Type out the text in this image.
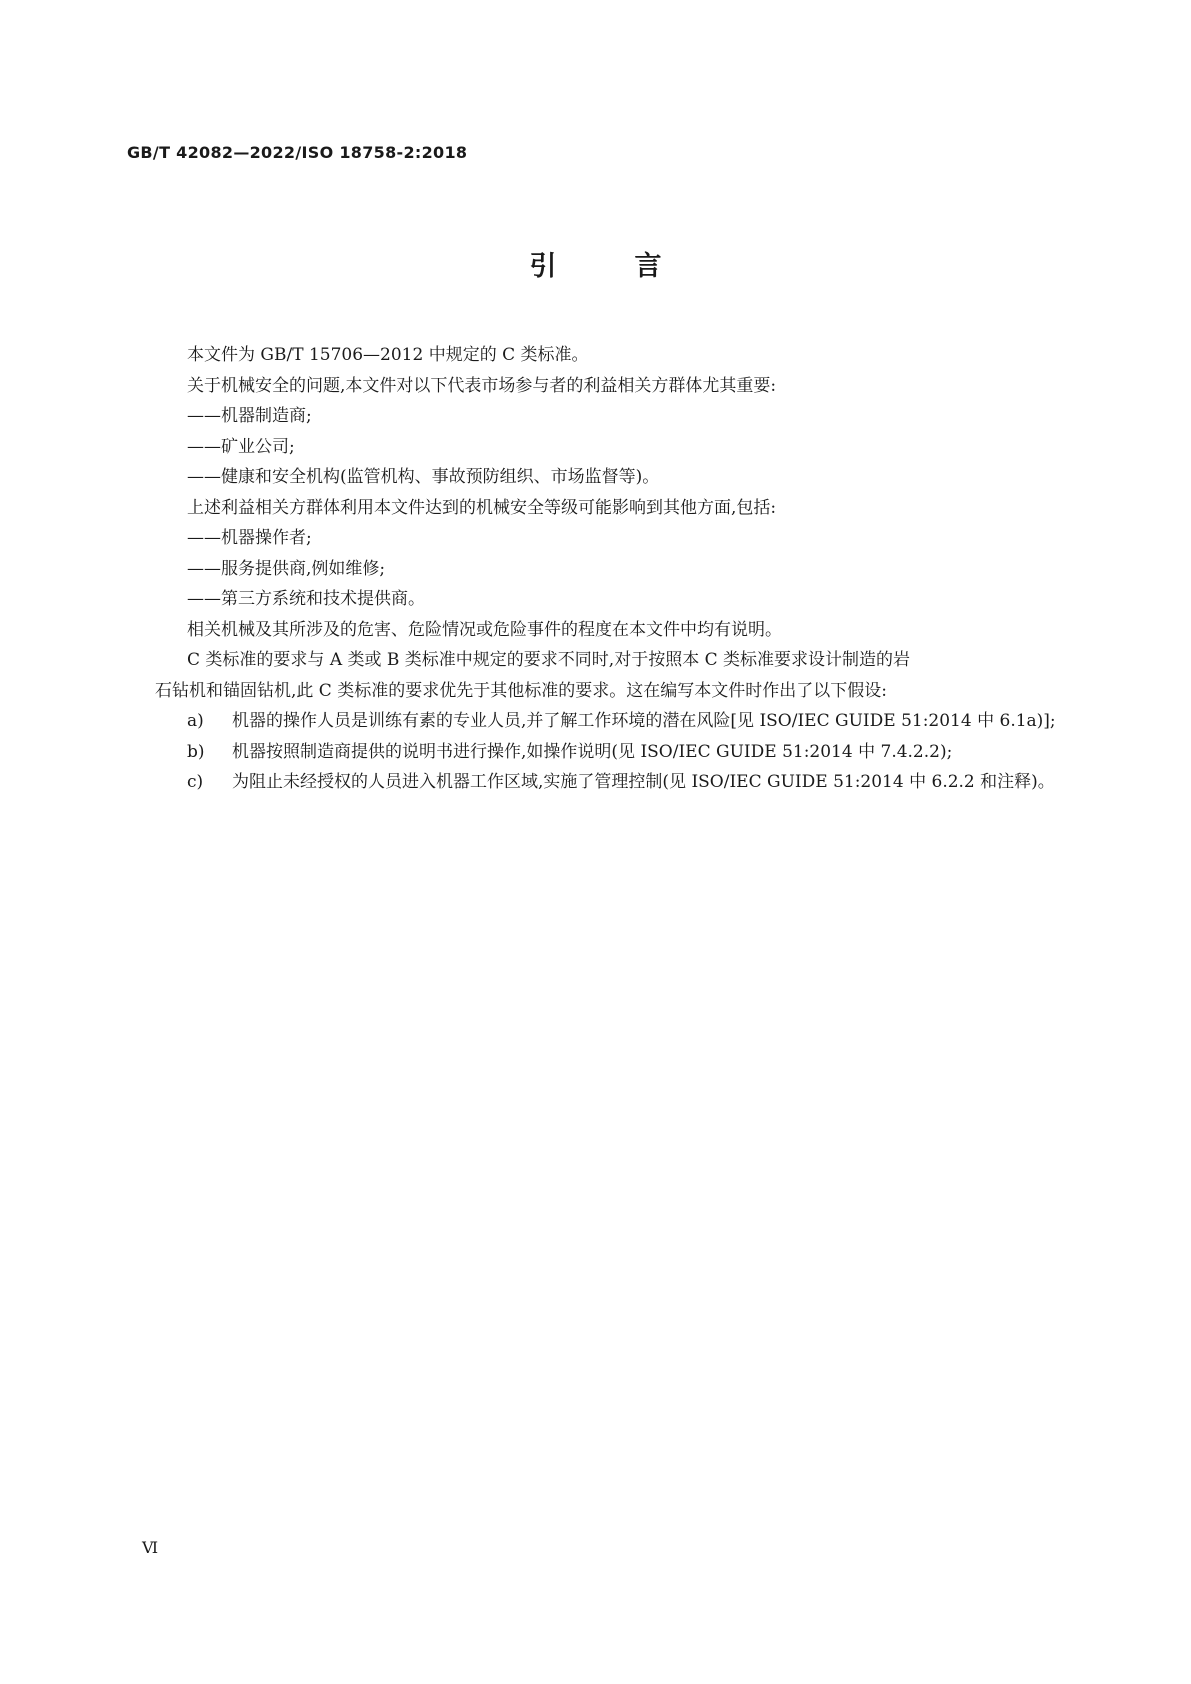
GB/T 42082—2022/ISO 18758-2:2018
引言

本文件为 GB/T 15706—2012 中规定的 C 类标准。

关于机械安全的问题,本文件对以下代表市场参与者的利益相关方群体尤其重要:

——机器制造商;

——矿业公司;

——健康和安全机构(监管机构、事故预防组织、市场监督等)。

上述利益相关方群体利用本文件达到的机械安全等级可能影响到其他方面,包括:

——机器操作者;

——服务提供商,例如维修;

——第三方系统和技术提供商。

相关机械及其所涉及的危害、危险情况或危险事件的程度在本文件中均有说明。

C 类标准的要求与 A 类或 B 类标准中规定的要求不同时,对于按照本 C 类标准要求设计制造的岩
石钻机和锚固钻机,此 C 类标准的要求优先于其他标准的要求。这在编写本文件时作出了以下假设:

a)	机器的操作人员是训练有素的专业人员,并了解工作环境的潜在风险[见 ISO/IEC GUIDE 51:2014 中 6.1a)];
b)	机器按照制造商提供的说明书进行操作,如操作说明(见 ISO/IEC GUIDE 51:2014 中 7.4.2.2);
c)	为阻止未经授权的人员进入机器工作区域,实施了管理控制(见 ISO/IEC GUIDE 51:2014 中 6.2.2 和注释)。
Ⅵ
